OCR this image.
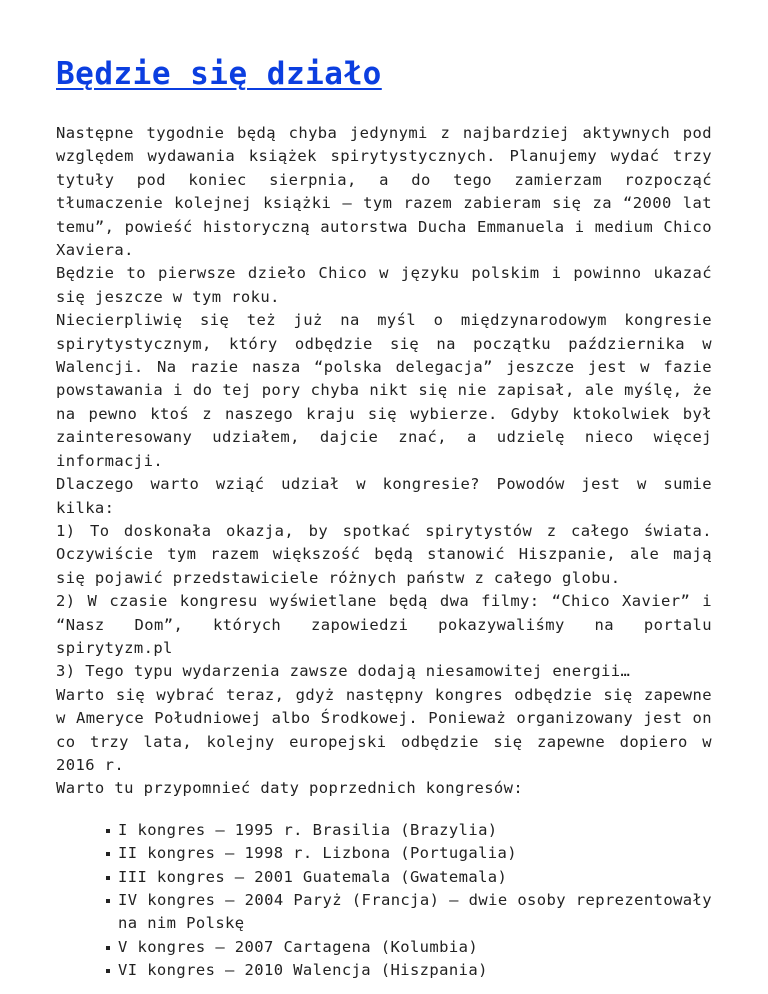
Będzie się działo

Następne tygodnie będą chyba jedynymi z najbardziej aktywnych pod względem wydawania książek spirytystycznych. Planujemy wydać trzy tytuły pod koniec sierpnia, a do tego zamierzam rozpocząć tłumaczenie kolejnej książki – tym razem zabieram się za “2000 lat temu”, powieść historyczną autorstwa Ducha Emmanuela i medium Chico Xaviera.

Będzie to pierwsze dzieło Chico w języku polskim i powinno ukazać się jeszcze w tym roku.

Niecierpliwię się też już na myśl o międzynarodowym kongresie spirytystycznym, który odbędzie się na początku października w Walencji. Na razie nasza “polska delegacja” jeszcze jest w fazie powstawania i do tej pory chyba nikt się nie zapisał, ale myślę, że na pewno ktoś z naszego kraju się wybierze. Gdyby ktokolwiek był zainteresowany udziałem, dajcie znać, a udzielę nieco więcej informacji.

Dlaczego warto wziąć udział w kongresie? Powodów jest w sumie kilka:

1) To doskonała okazja, by spotkać spirytystów z całego świata. Oczywiście tym razem większość będą stanowić Hiszpanie, ale mają się pojawić przedstawiciele różnych państw z całego globu.

2) W czasie kongresu wyświetlane będą dwa filmy: “Chico Xavier” i “Nasz Dom”, których zapowiedzi pokazywaliśmy na portalu spirytyzm.pl

3) Tego typu wydarzenia zawsze dodają niesamowitej energii…

Warto się wybrać teraz, gdyż następny kongres odbędzie się zapewne w Ameryce Południowej albo Środkowej. Ponieważ organizowany jest on co trzy lata, kolejny europejski odbędzie się zapewne dopiero w 2016 r.

Warto tu przypomnieć daty poprzednich kongresów:

I kongres – 1995 r. Brasilia (Brazylia)
II kongres – 1998 r. Lizbona (Portugalia)
III kongres – 2001 Guatemala (Gwatemala)
IV kongres – 2004 Paryż (Francja) – dwie osoby reprezentowały na nim Polskę
V kongres – 2007 Cartagena (Kolumbia)
VI kongres – 2010 Walencja (Hiszpania)
